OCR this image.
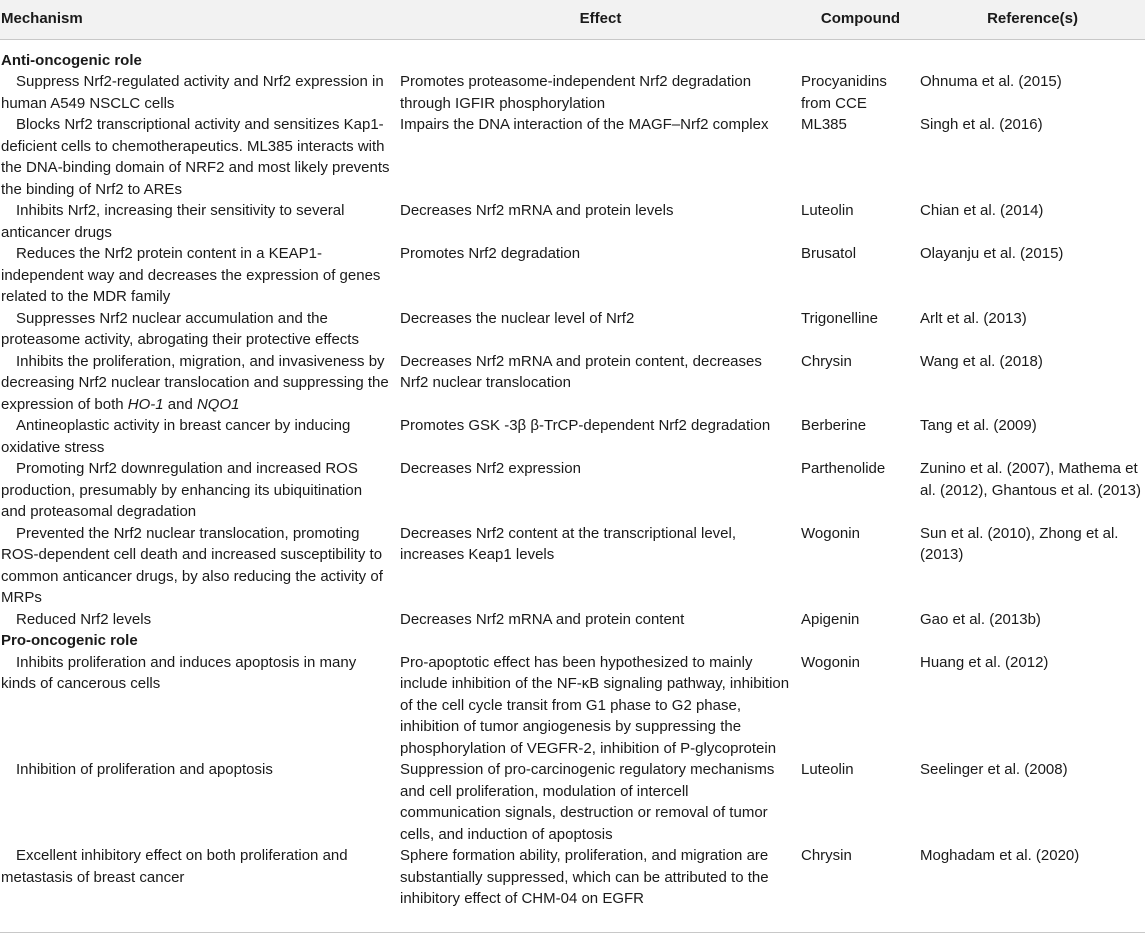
Mechanism	Effect	Compound	Reference(s)
Anti-oncogenic role			
Suppress Nrf2-regulated activity and Nrf2 expression in human A549 NSCLC cells	Promotes proteasome-independent Nrf2 degradation through IGFIR phosphorylation	Procyanidins from CCE	Ohnuma et al. (2015)
Blocks Nrf2 transcriptional activity and sensitizes Kap1-deficient cells to chemotherapeutics. ML385 interacts with the DNA-binding domain of NRF2 and most likely prevents the binding of Nrf2 to AREs	Impairs the DNA interaction of the MAGF–Nrf2 complex	ML385	Singh et al. (2016)
Inhibits Nrf2, increasing their sensitivity to several anticancer drugs	Decreases Nrf2 mRNA and protein levels	Luteolin	Chian et al. (2014)
Reduces the Nrf2 protein content in a KEAP1-independent way and decreases the expression of genes related to the MDR family	Promotes Nrf2 degradation	Brusatol	Olayanju et al. (2015)
Suppresses Nrf2 nuclear accumulation and the proteasome activity, abrogating their protective effects	Decreases the nuclear level of Nrf2	Trigonelline	Arlt et al. (2013)
Inhibits the proliferation, migration, and invasiveness by decreasing Nrf2 nuclear translocation and suppressing the expression of both HO-1 and NQO1	Decreases Nrf2 mRNA and protein content, decreases Nrf2 nuclear translocation	Chrysin	Wang et al. (2018)
Antineoplastic activity in breast cancer by inducing oxidative stress	Promotes GSK -3β β-TrCP-dependent Nrf2 degradation	Berberine	Tang et al. (2009)
Promoting Nrf2 downregulation and increased ROS production, presumably by enhancing its ubiquitination and proteasomal degradation	Decreases Nrf2 expression	Parthenolide	Zunino et al. (2007), Mathema et al. (2012), Ghantous et al. (2013)
Prevented the Nrf2 nuclear translocation, promoting ROS-dependent cell death and increased susceptibility to common anticancer drugs, by also reducing the activity of MRPs	Decreases Nrf2 content at the transcriptional level, increases Keap1 levels	Wogonin	Sun et al. (2010), Zhong et al. (2013)
Reduced Nrf2 levels	Decreases Nrf2 mRNA and protein content	Apigenin	Gao et al. (2013b)
Pro-oncogenic role			
Inhibits proliferation and induces apoptosis in many kinds of cancerous cells	Pro-apoptotic effect has been hypothesized to mainly include inhibition of the NF-κB signaling pathway, inhibition of the cell cycle transit from G1 phase to G2 phase, inhibition of tumor angiogenesis by suppressing the phosphorylation of VEGFR-2, inhibition of P-glycoprotein	Wogonin	Huang et al. (2012)
Inhibition of proliferation and apoptosis	Suppression of pro-carcinogenic regulatory mechanisms and cell proliferation, modulation of intercell communication signals, destruction or removal of tumor cells, and induction of apoptosis	Luteolin	Seelinger et al. (2008)
Excellent inhibitory effect on both proliferation and metastasis of breast cancer	Sphere formation ability, proliferation, and migration are substantially suppressed, which can be attributed to the inhibitory effect of CHM-04 on EGFR	Chrysin	Moghadam et al. (2020)
